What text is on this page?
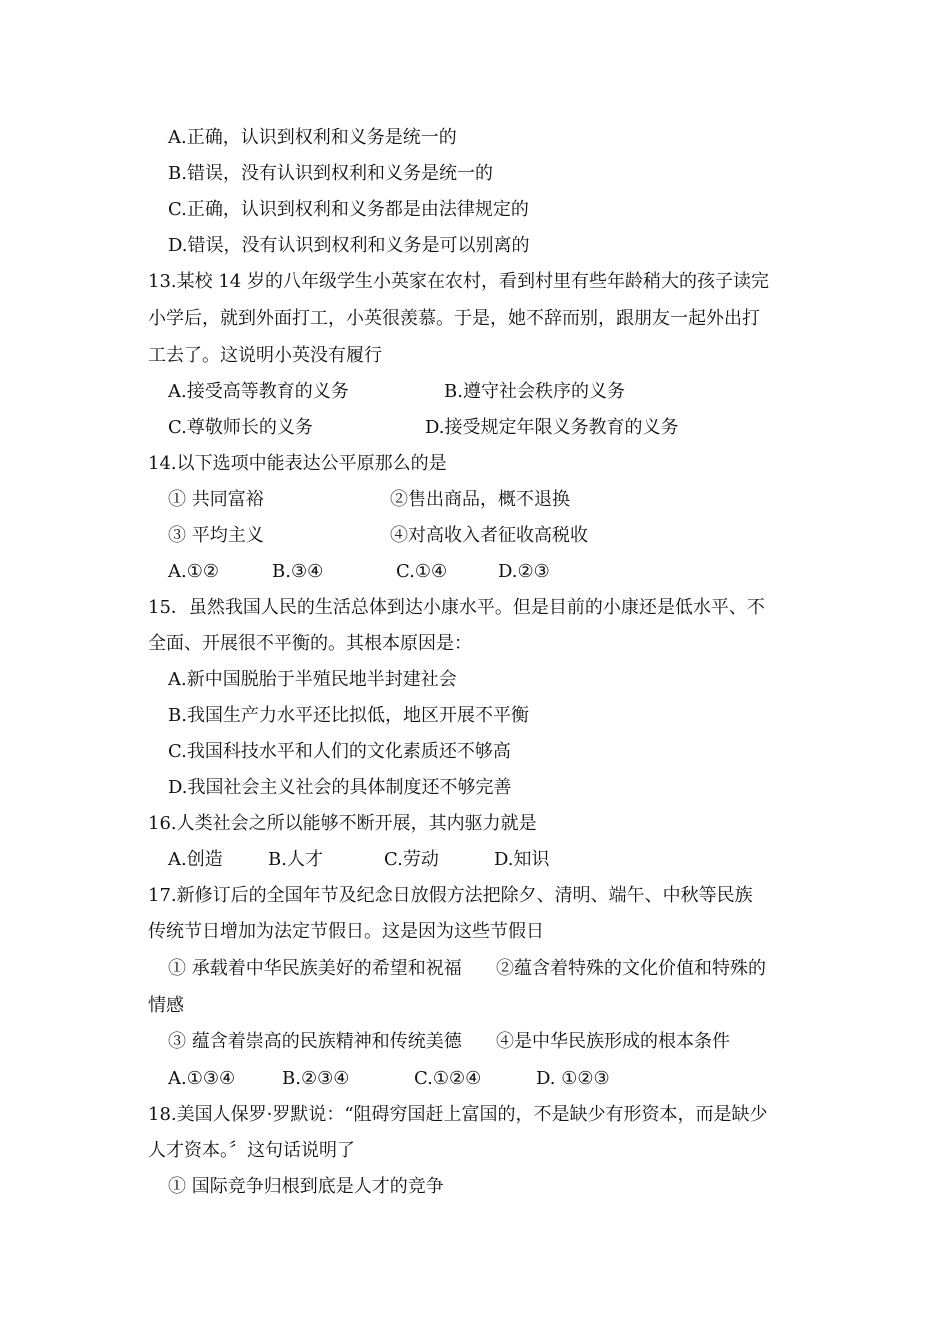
A.正确，认识到权利和义务是统一的
B.错误，没有认识到权利和义务是统一的
C.正确，认识到权利和义务都是由法律规定的
D.错误，没有认识到权利和义务是可以别离的
13.某校 14 岁的八年级学生小英家在农村，看到村里有些年龄稍大的孩子读完
小学后，就到外面打工，小英很羡慕。于是，她不辞而别，跟朋友一起外出打
工去了。这说明小英没有履行
A.接受高等教育的义务	B.遵守社会秩序的义务
C.尊敬师长的义务	D.接受规定年限义务教育的义务
14.以下选项中能表达公平原那么的是
① 共同富裕	②售出商品，概不退换
③ 平均主义	④对高收入者征收高税收
A.①②	B.③④	C.①④	D.②③
15．虽然我国人民的生活总体到达小康水平。但是目前的小康还是低水平、不
全面、开展很不平衡的。其根本原因是：
A.新中国脱胎于半殖民地半封建社会
B.我国生产力水平还比拟低，地区开展不平衡
C.我国科技水平和人们的文化素质还不够高
D.我国社会主义社会的具体制度还不够完善
16.人类社会之所以能够不断开展，其内驱力就是
A.创造	B.人才	C.劳动	D.知识
17.新修订后的全国年节及纪念日放假方法把除夕、清明、端午、中秋等民族
传统节日增加为法定节假日。这是因为这些节假日
① 承载着中华民族美好的希望和祝福 ②蕴含着特殊的文化价值和特殊的
情感
③ 蕴含着崇高的民族精神和传统美德 ④是中华民族形成的根本条件
A.①③④	B.②③④	C.①②④	D. ①②③
18.美国人保罗·罗默说：“阻碍穷国赶上富国的，不是缺少有形资本，而是缺少
人才资本。〞这句话说明了
① 国际竞争归根到底是人才的竞争
